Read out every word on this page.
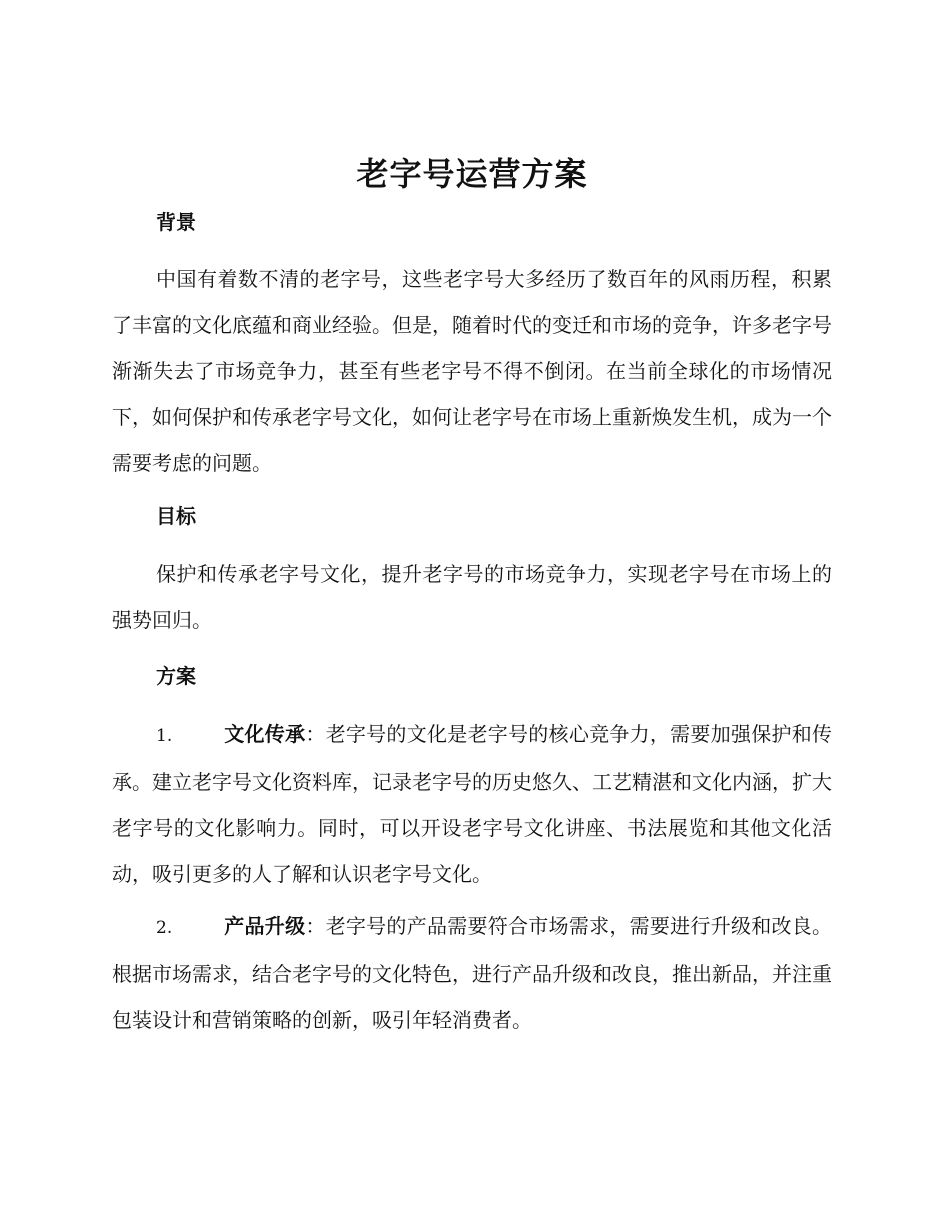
老字号运营方案
背景

中国有着数不清的老字号，这些老字号大多经历了数百年的风雨历程，积累了丰富的文化底蕴和商业经验。但是，随着时代的变迁和市场的竞争，许多老字号渐渐失去了市场竞争力，甚至有些老字号不得不倒闭。在当前全球化的市场情况下，如何保护和传承老字号文化，如何让老字号在市场上重新焕发生机，成为一个需要考虑的问题。

目标

保护和传承老字号文化，提升老字号的市场竞争力，实现老字号在市场上的强势回归。

方案

1.	文化传承：老字号的文化是老字号的核心竞争力，需要加强保护和传承。建立老字号文化资料库，记录老字号的历史悠久、工艺精湛和文化内涵，扩大老字号的文化影响力。同时，可以开设老字号文化讲座、书法展览和其他文化活动，吸引更多的人了解和认识老字号文化。

2.	产品升级：老字号的产品需要符合市场需求，需要进行升级和改良。根据市场需求，结合老字号的文化特色，进行产品升级和改良，推出新品，并注重包装设计和营销策略的创新，吸引年轻消费者。
